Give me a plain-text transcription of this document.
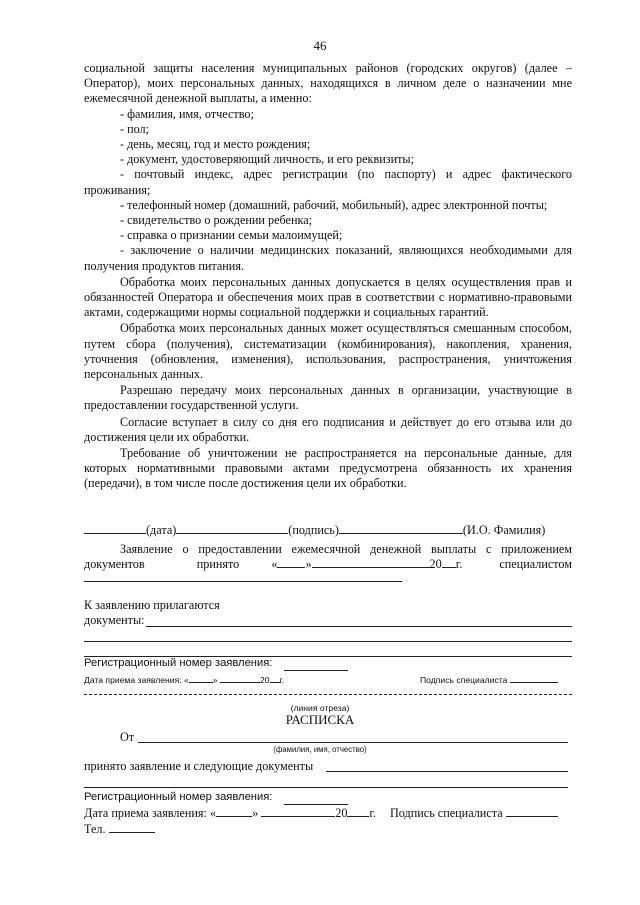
46

социальной защиты населения муниципальных районов (городских округов) (далее – Оператор), моих персональных данных, находящихся в личном деле о назначении мне ежемесячной денежной выплаты, а именно:

- фамилия, имя, отчество;

- пол;

- день, месяц, год и место рождения;

- документ, удостоверяющий личность, и его реквизиты;

- почтовый индекс, адрес регистрации (по паспорту) и адрес фактического проживания;

- телефонный номер (домашний, рабочий, мобильный), адрес электронной почты;

- свидетельство о рождении ребенка;

- справка о признании семьи малоимущей;

- заключение о наличии медицинских показаний, являющихся необходимыми для получения продуктов питания.

Обработка моих персональных данных допускается в целях осуществления прав и обязанностей Оператора и обеспечения моих прав в соответствии с нормативно-правовыми актами, содержащими нормы социальной поддержки и социальных гарантий.

Обработка моих персональных данных может осуществляться смешанным способом, путем сбора (получения), систематизации (комбинирования), накопления, хранения, уточнения (обновления, изменения), использования, распространения, уничтожения персональных данных.

Разрешаю передачу моих персональных данных в организации, участвующие в предоставлении государственной услуги.

Согласие вступает в силу со дня его подписания и действует до его отзыва или до достижения цели их обработки.

Требование об уничтожении не распространяется на персональные данные, для которых нормативными правовыми актами предусмотрена обязанность их хранения (передачи), в том числе после достижения цели их обработки.

(дата)	(подпись)	(И.О. Фамилия)
Заявление о предоставлении ежемесячной денежной выплаты с приложением
документов	принято	« »	20 г.	специалистом
К заявлению прилагаются
документы:
Регистрационный номер заявления:
Дата приема заявления: «	»	20 г.	Подпись специалиста
(линия отреза)
РАСПИСКА
От
(фамилия, имя, отчество)
принято заявление и следующие документы
Регистрационный номер заявления:
Дата приема заявления: «	»	20 г. Подпись специалиста
Тел.
